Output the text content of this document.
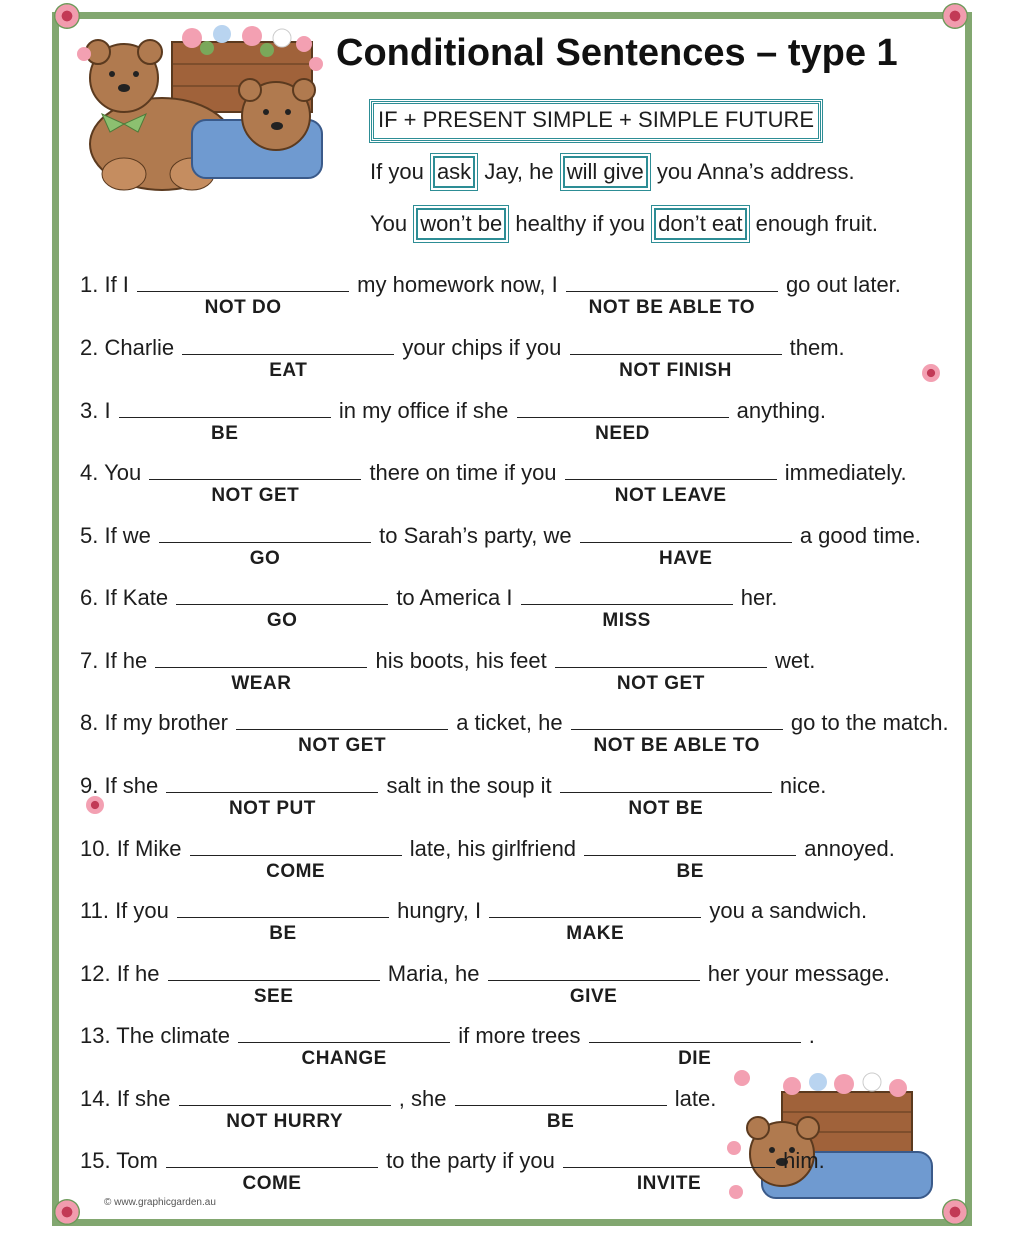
Conditional Sentences – type 1
IF + PRESENT SIMPLE + SIMPLE FUTURE
If you ask Jay, he will give you Anna’s address.
You won’t be healthy if you don’t eat enough fruit.
1. If I	my homework now, I	go out later.
NOT DO	NOT BE ABLE TO
2. Charlie	your chips if you	them.
EAT	NOT FINISH
3. I	in my office if she	anything.
BE	NEED
4. You	there on time if you	immediately.
NOT GET	NOT LEAVE
5. If we	to Sarah’s party, we	a good time.
GO	HAVE
6. If Kate	to America I	her.
GO	MISS
7. If he	his boots, his feet	wet.
WEAR	NOT GET
8. If my brother	a ticket, he	go to the match.
NOT GET	NOT BE ABLE TO
9. If she	salt in the soup it	nice.
NOT PUT	NOT BE
10. If Mike	late, his girlfriend	annoyed.
COME	BE
11. If you	hungry, I	you a sandwich.
BE	MAKE
12. If he	Maria, he	her your message.
SEE	GIVE
13. The climate	if more trees	.
CHANGE	DIE
14. If she	, she	late.
NOT HURRY	BE
15. Tom	to the party if you	him.
COME	INVITE
© www.graphicgarden.au
